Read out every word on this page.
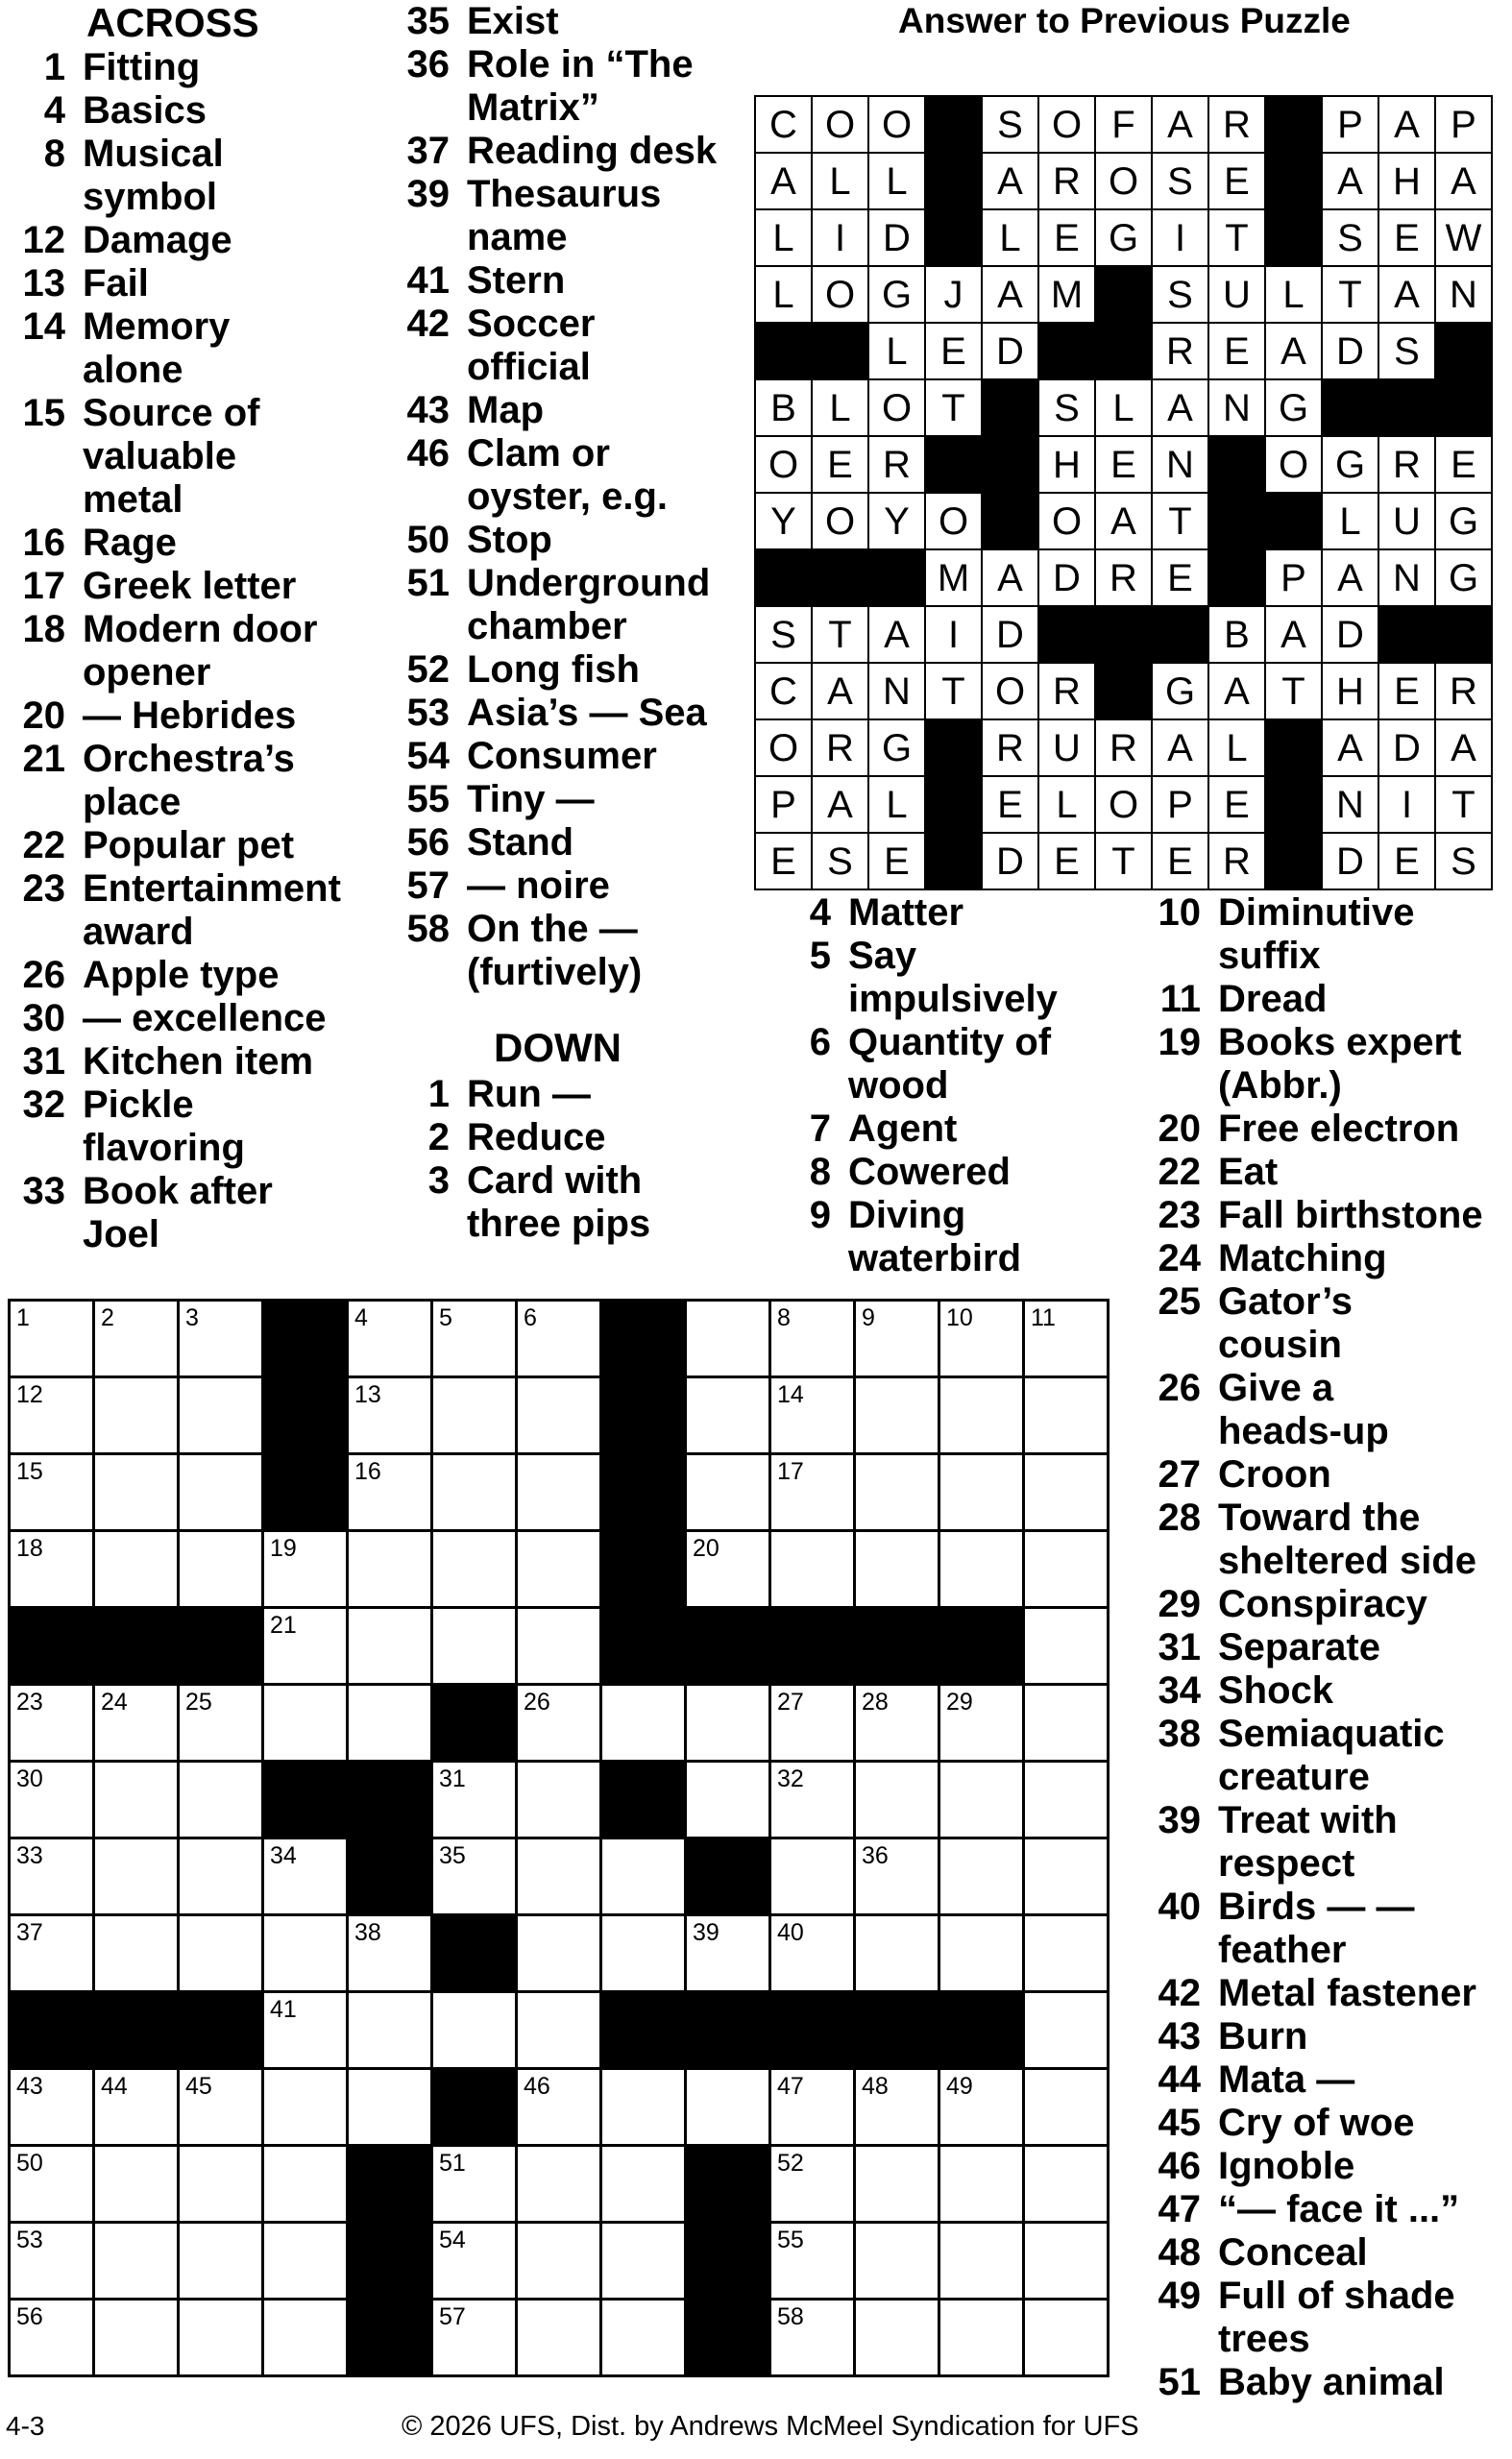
ACROSS
1 Fitting
4 Basics
8 Musical
symbol
12 Damage
13 Fail
14 Memory
alone
15 Source of
valuable
metal
16 Rage
17 Greek letter
18 Modern door
opener
20 — Hebrides
21 Orchestra’s
place
22 Popular pet
23 Entertainment
award
26 Apple type
30 — excellence
31 Kitchen item
32 Pickle
flavoring
33 Book after
Joel
35 Exist
36 Role in “The
Matrix”
37 Reading desk
39 Thesaurus
name
41 Stern
42 Soccer
official
43 Map
46 Clam or
oyster, e.g.
50 Stop
51 Underground
chamber
52 Long fish
53 Asia’s — Sea
54 Consumer
55 Tiny —
56 Stand
57 — noire
58 On the —
(furtively)
DOWN
1 Run —
2 Reduce
3 Card with
three pips
Answer to Previous Puzzle
C	O	O		S	O	F	A	R		P	A	P
A	L	L		A	R	O	S	E		A	H	A
L	I	D		L	E	G	I	T		S	E	W
L	O	G	J	A	M		S	U	L	T	A	N
		L	E	D			R	E	A	D	S	
B	L	O	T		S	L	A	N	G			
O	E	R			H	E	N		O	G	R	E
Y	O	Y	O		O	A	T			L	U	G
			M	A	D	R	E		P	A	N	G
S	T	A	I	D				B	A	D		
C	A	N	T	O	R		G	A	T	H	E	R
O	R	G		R	U	R	A	L		A	D	A
P	A	L		E	L	O	P	E		N	I	T
E	S	E		D	E	T	E	R		D	E	S
4 Matter
5 Say
impulsively
6 Quantity of
wood
7 Agent
8 Cowered
9 Diving
waterbird
10 Diminutive
suffix
11 Dread
19 Books expert
(Abbr.)
20 Free electron
22 Eat
23 Fall birthstone
24 Matching
25 Gator’s
cousin
26 Give a
heads-up
27 Croon
28 Toward the
sheltered side
29 Conspiracy
31 Separate
34 Shock
38 Semiaquatic
creature
39 Treat with
respect
40 Birds — —
feather
42 Metal fastener
43 Burn
44 Mata —
45 Cry of woe
46 Ignoble
47 “— face it ...”
48 Conceal
49 Full of shade
trees
51 Baby animal
1	2	3		4	5	6			8	9	10	11

12				13					14			

15				16					17			

18			19					20				

			21									

23	24	25				26			27	28	29	

30					31				32			

33			34		35					36		

37				38				39	40			

			41									

43	44	45				46			47	48	49	

50					51				52			

53					54				55			

56					57				58			

4-3	© 2026 UFS, Dist. by Andrews McMeel Syndication for UFS
